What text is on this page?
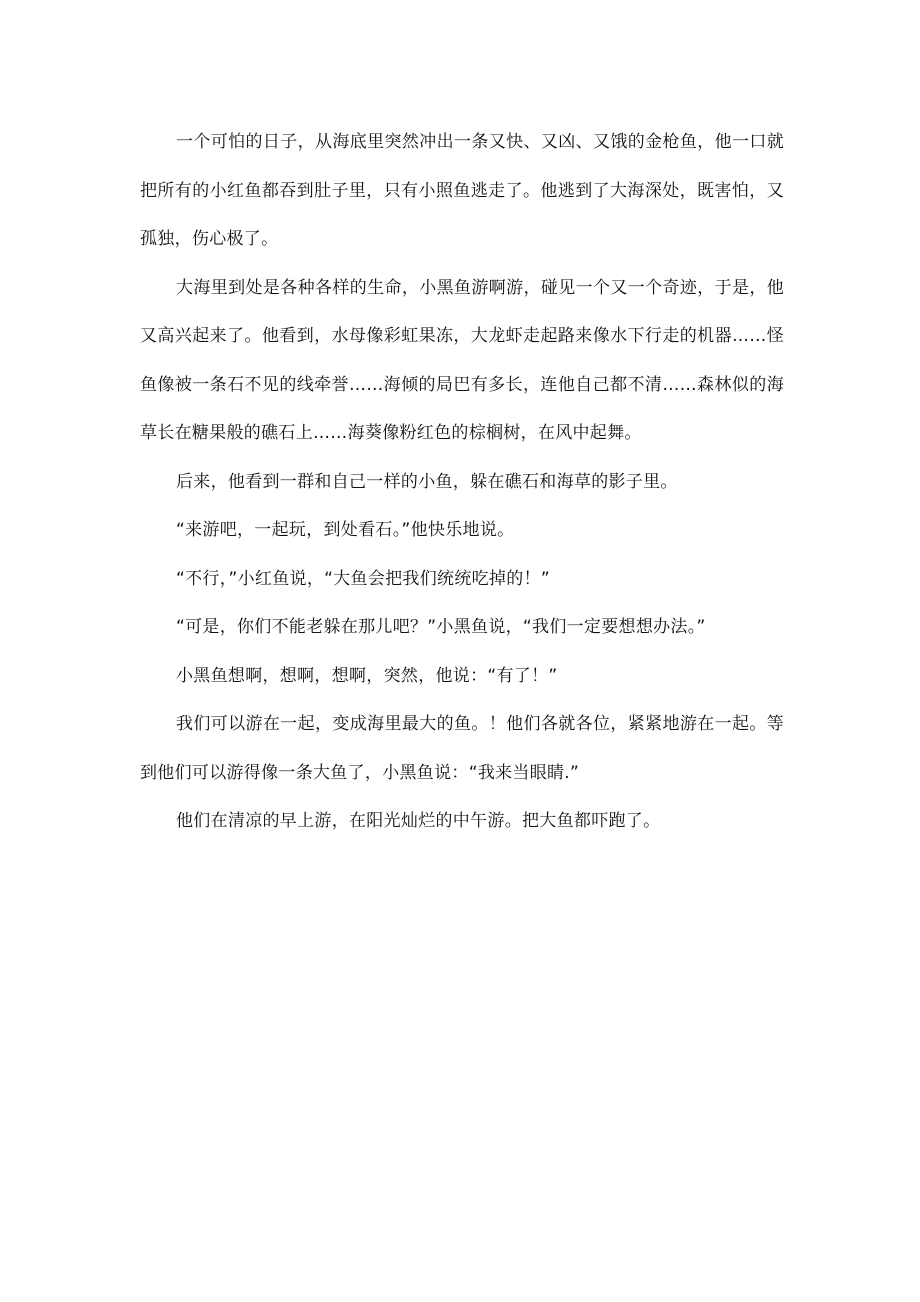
一个可怕的日子，从海底里突然冲出一条又快、又凶、又饿的金枪鱼，他一口就把所有的小红鱼都吞到肚子里，只有小照鱼逃走了。他逃到了大海深处，既害怕，又孤独，伤心极了。

大海里到处是各种各样的生命，小黑鱼游啊游，碰见一个又一个奇迹，于是，他又高兴起来了。他看到，水母像彩虹果冻，大龙虾走起路来像水下行走的机器……怪鱼像被一条石不见的线牵誉……海倾的局巴有多长，连他自己都不清……森林似的海草长在糖果般的礁石上……海葵像粉红色的棕榈树，在风中起舞。

后来，他看到一群和自己一样的小鱼，躲在礁石和海草的影子里。

“来游吧，一起玩，到处看石。”他快乐地说。

“不行，”小红鱼说，“大鱼会把我们统统吃掉的！”

“可是，你们不能老躲在那儿吧？”小黑鱼说，“我们一定要想想办法。”

小黑鱼想啊，想啊，想啊，突然，他说：“有了！”

我们可以游在一起，变成海里最大的鱼。！他们各就各位，紧紧地游在一起。等到他们可以游得像一条大鱼了，小黑鱼说：“我来当眼睛.”

他们在清凉的早上游，在阳光灿烂的中午游。把大鱼都吓跑了。
